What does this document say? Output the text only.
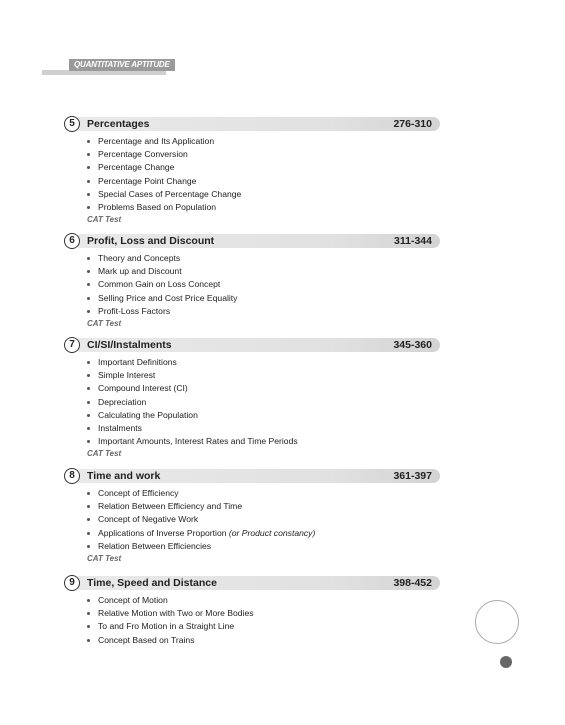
QUANTITATIVE APTITUDE
5	Percentages	276-310
Percentage and Its Application
Percentage Conversion
Percentage Change
Percentage Point Change
Special Cases of Percentage Change
Problems Based on Population
CAT Test
6	Profit, Loss and Discount	311-344
Theory and Concepts
Mark up and Discount
Common Gain on Loss Concept
Selling Price and Cost Price Equality
Profit-Loss Factors
CAT Test
7	CI/SI/Instalments	345-360
Important Definitions
Simple Interest
Compound Interest (CI)
Depreciation
Calculating the Population
Instalments
Important Amounts, Interest Rates and Time Periods
CAT Test
8	Time and work	361-397
Concept of Efficiency
Relation Between Efficiency and Time
Concept of Negative Work
Applications of Inverse Proportion (or Product constancy)
Relation Between Efficiencies
CAT Test
9	Time, Speed and Distance	398-452
Concept of Motion
Relative Motion with Two or More Bodies
To and Fro Motion in a Straight Line
Concept Based on Trains
